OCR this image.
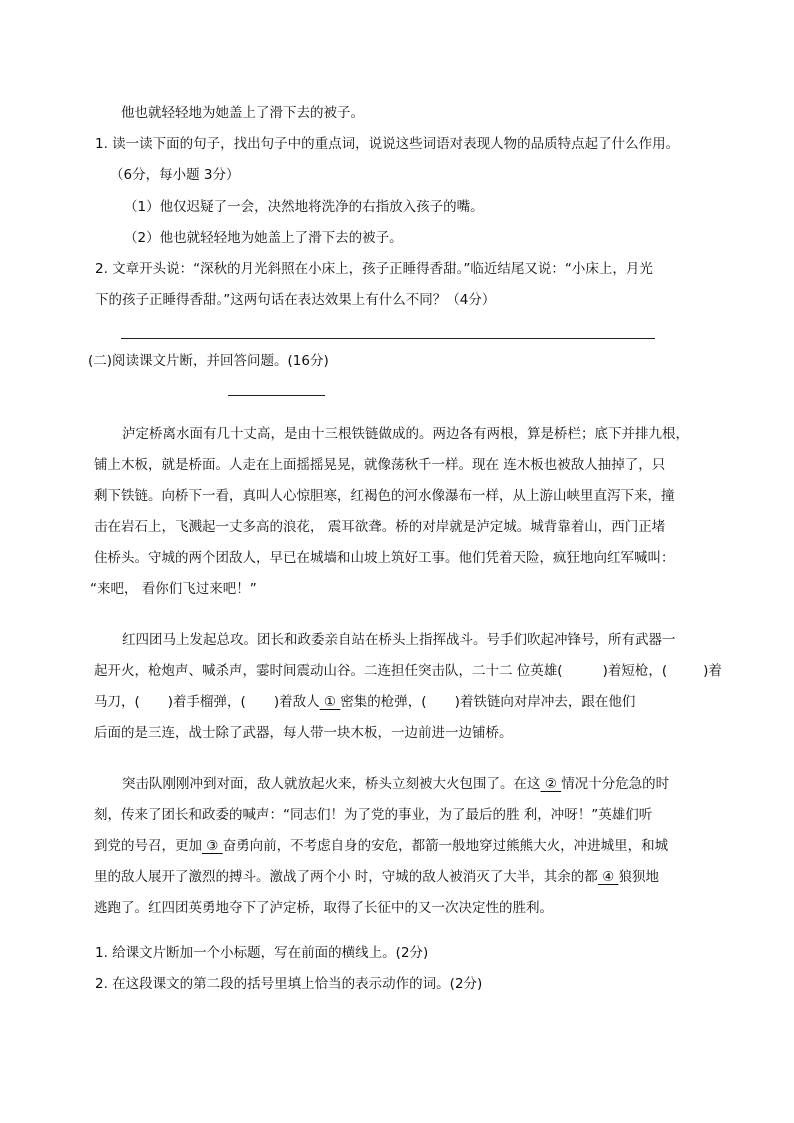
他也就轻轻地为她盖上了滑下去的被子。
1. 读一读下面的句子，找出句子中的重点词，说说这些词语对表现人物的品质特点起了什么作用。
（6分，每小题 3分）
（1）他仅迟疑了一会，决然地将洗净的右指放入孩子的嘴。
（2）他也就轻轻地为她盖上了滑下去的被子。
2. 文章开头说：“深秋的月光斜照在小床上，孩子正睡得香甜。”临近结尾又说：“小床上，月光
下的孩子正睡得香甜。”这两句话在表达效果上有什么不同？（4分）
(二)阅读课文片断，并回答问题。(16分)
泸定桥离水面有几十丈高，是由十三根铁链做成的。两边各有两根，算是桥栏；底下并排九根，
铺上木板，就是桥面。人走在上面摇摇晃晃，就像荡秋千一样。现在 连木板也被敌人抽掉了，只
剩下铁链。向桥下一看，真叫人心惊胆寒，红褐色的河水像瀑布一样，从上游山峡里直泻下来，撞
击在岩石上，飞溅起一丈多高的浪花， 震耳欲聋。桥的对岸就是泸定城。城背靠着山，西门正堵
住桥头。守城的两个团敌人，早已在城墙和山坡上筑好工事。他们凭着天险，疯狂地向红军喊叫：
“来吧， 看你们飞过来吧！”
红四团马上发起总攻。团长和政委亲自站在桥头上指挥战斗。号手们吹起冲锋号，所有武器一
起开火，枪炮声、喊杀声，霎时间震动山谷。二连担任突击队，二十二 位英雄(	)着短枪，(	)着
马刀，( )着手榴弹，( )着敌人 ① 密集的枪弹，( )着铁链向对岸冲去，跟在他们
后面的是三连，战士除了武器，每人带一块木板，一边前进一边铺桥。
突击队刚刚冲到对面，敌人就放起火来，桥头立刻被大火包围了。在这 ② 情况十分危急的时
刻，传来了团长和政委的喊声：“同志们！为了党的事业，为了最后的胜 利，冲呀！”英雄们听
到党的号召，更加 ③ 奋勇向前，不考虑自身的安危，都箭一般地穿过熊熊大火，冲进城里，和城
里的敌人展开了激烈的搏斗。激战了两个小 时，守城的敌人被消灭了大半，其余的都 ④ 狼狈地
逃跑了。红四团英勇地夺下了泸定桥，取得了长征中的又一次决定性的胜利。
1. 给课文片断加一个小标题，写在前面的横线上。(2分)
2. 在这段课文的第二段的括号里填上恰当的表示动作的词。(2分)
